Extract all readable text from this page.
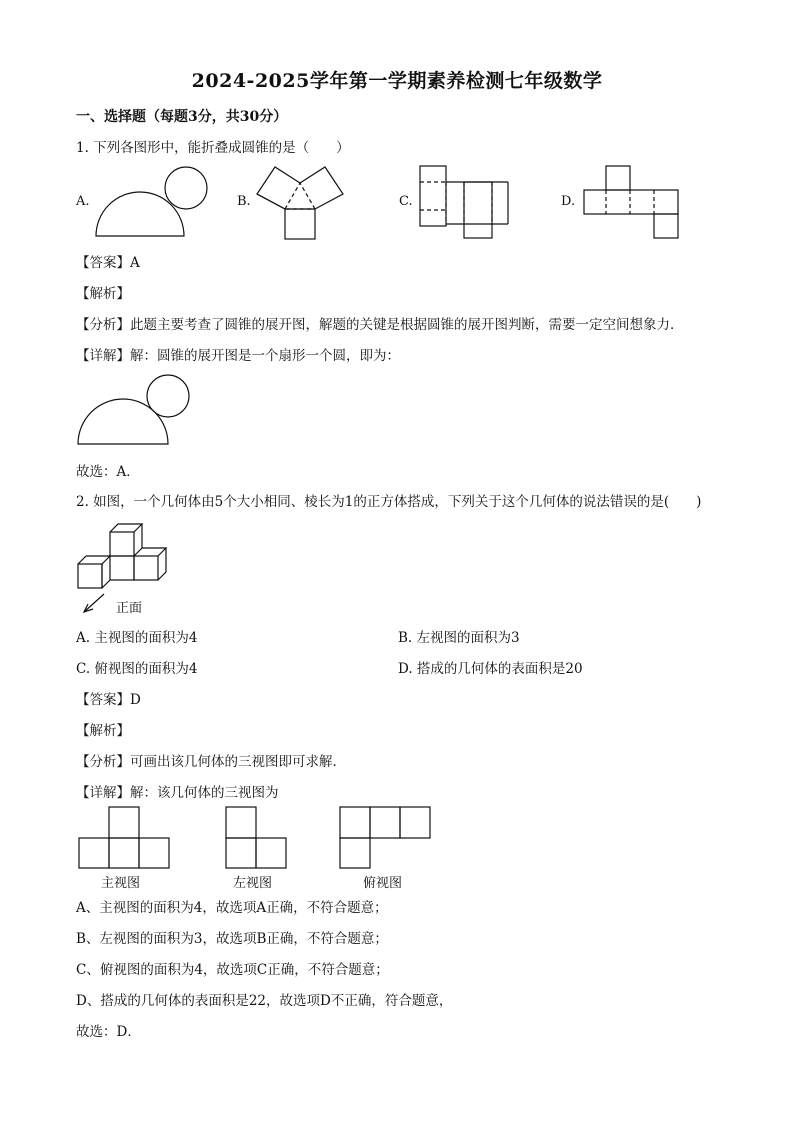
2024-2025学年第一学期素养检测七年级数学
一、选择题（每题3分，共30分）
1. 下列各图形中，能折叠成圆锥的是（　　）
A.	B.	C.	D.
【答案】A
【解析】
【分析】此题主要考查了圆锥的展开图，解题的关键是根据圆锥的展开图判断，需要一定空间想象力．
【详解】解：圆锥的展开图是一个扇形一个圆，即为：
故选：A．
2. 如图，一个几何体由5个大小相同、棱长为1的正方体搭成，下列关于这个几何体的说法错误的是(　　)
正面
A. 主视图的面积为4	B. 左视图的面积为3
C. 俯视图的面积为4	D. 搭成的几何体的表面积是20
【答案】D
【解析】
【分析】可画出该几何体的三视图即可求解．
【详解】解：该几何体的三视图为
主视图	左视图	俯视图
A、主视图的面积为4，故选项A正确，不符合题意；
B、左视图的面积为3，故选项B正确，不符合题意；
C、俯视图的面积为4，故选项C正确，不符合题意；
D、搭成的几何体的表面积是22，故选项D不正确，符合题意，
故选：D．
